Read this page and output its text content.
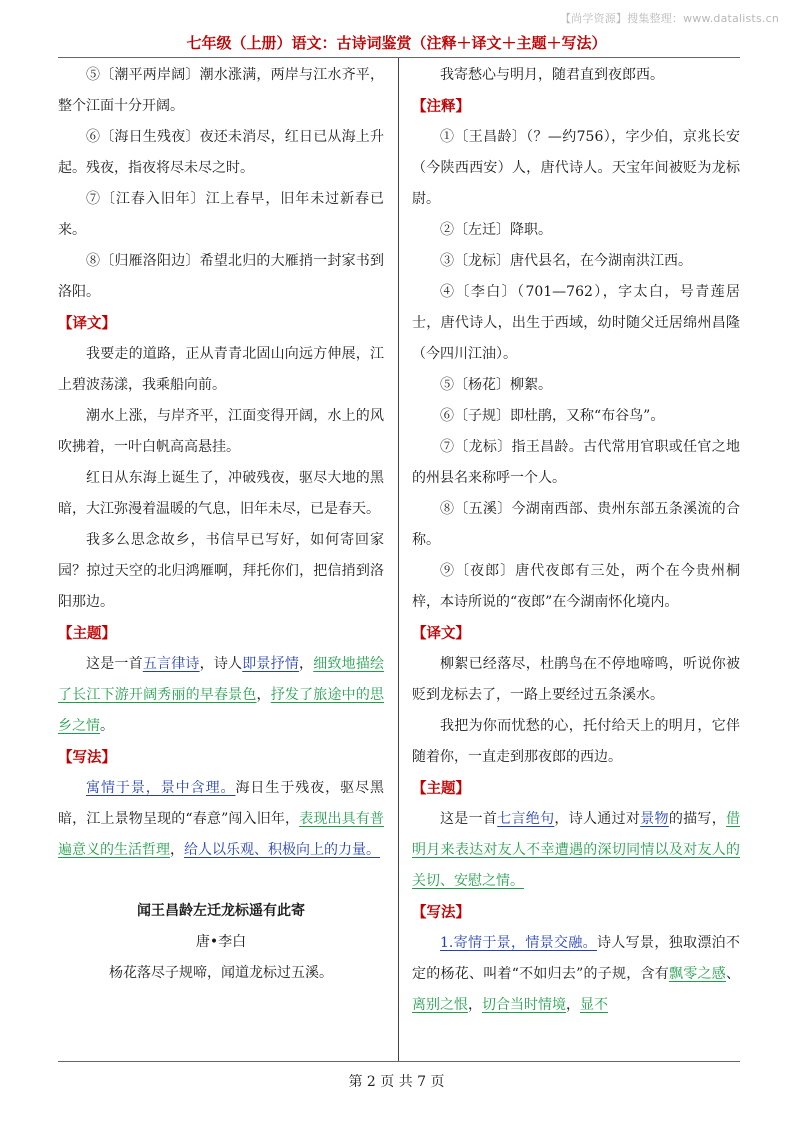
【尚学资源】搜集整理：www.datalists.cn
七年级（上册）语文：古诗词鉴赏（注释＋译文＋主题＋写法）

⑤〔潮平两岸阔〕潮水涨满，两岸与江水齐平，整个江面十分开阔。

⑥〔海日生残夜〕夜还未消尽，红日已从海上升起。残夜，指夜将尽未尽之时。

⑦〔江春入旧年〕江上春早，旧年未过新春已来。

⑧〔归雁洛阳边〕希望北归的大雁捎一封家书到洛阳。

【译文】

我要走的道路，正从青青北固山向远方伸展，江上碧波荡漾，我乘船向前。

潮水上涨，与岸齐平，江面变得开阔，水上的风吹拂着，一叶白帆高高悬挂。

红日从东海上诞生了，冲破残夜，驱尽大地的黑暗，大江弥漫着温暖的气息，旧年未尽，已是春天。

我多么思念故乡，书信早已写好，如何寄回家园？掠过天空的北归鸿雁啊，拜托你们，把信捎到洛阳那边。

【主题】

这是一首五言律诗，诗人即景抒情，细致地描绘了长江下游开阔秀丽的早春景色，抒发了旅途中的思乡之情。

【写法】

寓情于景，景中含理。海日生于残夜，驱尽黑暗，江上景物呈现的“春意”闯入旧年，表现出具有普遍意义的生活哲理，给人以乐观、积极向上的力量。

闻王昌龄左迁龙标遥有此寄

唐•李白

杨花落尽子规啼，闻道龙标过五溪。

我寄愁心与明月，随君直到夜郎西。

【注释】

①〔王昌龄〕（？—约756），字少伯，京兆长安（今陕西西安）人，唐代诗人。天宝年间被贬为龙标尉。

②〔左迁〕降职。

③〔龙标〕唐代县名，在今湖南洪江西。

④〔李白〕（701—762），字太白，号青莲居士，唐代诗人，出生于西域，幼时随父迁居绵州昌隆（今四川江油）。

⑤〔杨花〕柳絮。

⑥〔子规〕即杜鹃，又称“布谷鸟”。

⑦〔龙标〕指王昌龄。古代常用官职或任官之地的州县名来称呼一个人。

⑧〔五溪〕今湖南西部、贵州东部五条溪流的合称。

⑨〔夜郎〕唐代夜郎有三处，两个在今贵州桐梓，本诗所说的“夜郎”在今湖南怀化境内。

【译文】

柳絮已经落尽，杜鹃鸟在不停地啼鸣，听说你被贬到龙标去了，一路上要经过五条溪水。

我把为你而忧愁的心，托付给天上的明月，它伴随着你，一直走到那夜郎的西边。

【主题】

这是一首七言绝句，诗人通过对景物的描写，借明月来表达对友人不幸遭遇的深切同情以及对友人的关切、安慰之情。

【写法】

1.寄情于景，情景交融。诗人写景，独取漂泊不定的杨花、叫着“不如归去”的子规，含有飘零之感、离别之恨，切合当时情境，显不

第 2 页 共 7 页
